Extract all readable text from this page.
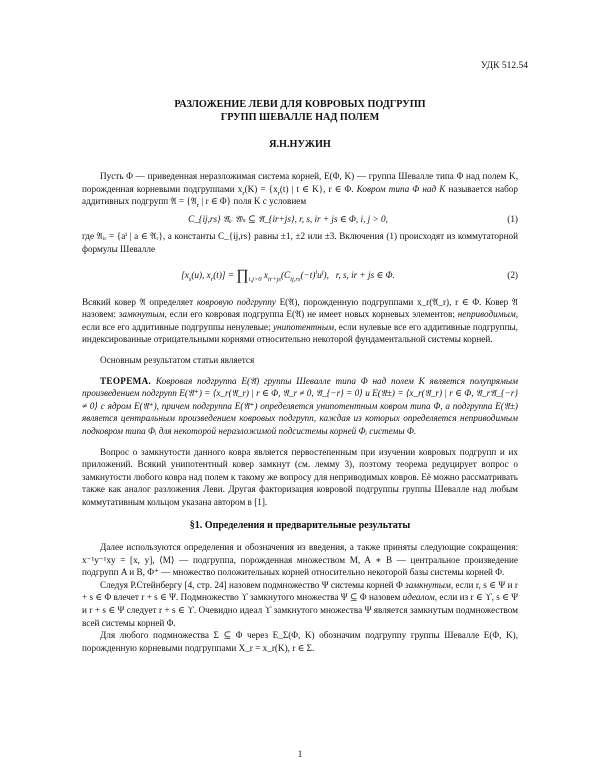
УДК 512.54
РАЗЛОЖЕНИЕ ЛЕВИ ДЛЯ КОВРОВЫХ ПОДГРУПП
ГРУПП ШЕВАЛЛЕ НАД ПОЛЕМ
Я.Н.НУЖИН

Пусть Φ — приведенная неразложимая система корней, E(Φ, K) — группа Шевалле типа Φ над полем K, порожденная корневыми подгруппами $x_r(K) = \{x_r(t)$ | t ∈ K}, r ∈ Φ. Ковром типа Φ над K называется набор аддитивных подгрупп 𝔄 = {𝔄$_r$ | r ∈ Φ} поля K с условием

C_{ij,rs} 𝔄ᵢᵣ 𝔄ʲₛ ⊆ 𝔄_{ir+js}, r, s, ir + js ∈ Φ, i, j > 0,	(1)

где 𝔄ᵢᵣ = {aⁱ | a ∈ 𝔄ᵣ}, а константы C_{ij,rs} равны ±1, ±2 или ±3. Включения (1) происходят из коммутаторной формулы Шевалле

[$x_s(u)$, $x_r(t)$] = $\prod_{i,j>0}$ $x_{ir+js}(C_{ij,rs}(-t)^iu^j)$,   r, s, ir + js ∈ Φ.	(2)

Всякий ковер 𝔄 определяет ковровую подгруппу E(𝔄), порожденную подгруппами x_r(𝔄_r), r ∈ Φ. Ковер 𝔄 назовем: замкнутым, если его ковровая подгруппа E(𝔄) не имеет новых корневых элементов; неприводимым, если все его аддитивные подгруппы ненулевые; унипотентным, если нулевые все его аддитивные подгруппы, индексированные отрицательными корнями относительно некоторой фундаментальной системы корней.

Основным результатом статьи является

ТЕОРЕМА. Ковровая подгруппа E(𝔄) группы Шевалле типа Φ над полем K является полупрямым произведением подгрупп E(𝔄⁺) = ⟨x_r(𝔄_r) | r ∈ Φ, 𝔄_r ≠ 0, 𝔄_{−r} = 0⟩ и E(𝔄±) = ⟨x_r(𝔄_r) | r ∈ Φ, 𝔄_r𝔄_{−r} ≠ 0⟩ с ядром E(𝔄⁺), причем подгруппа E(𝔄⁺) определяется унипотентным ковром типа Φ, а подгруппа E(𝔄±) является центральным произведением ковровых подгрупп, каждая из которых определяется неприводимым подковром типа Φᵢ для некоторой неразложимой подсистемы корней Φᵢ системы Φ.

Вопрос о замкнутости данного ковра является первостепенным при изучении ковровых подгрупп и их приложений. Всякий унипотентный ковер замкнут (см. лемму 3), поэтому теорема редуцирует вопрос о замкнутости любого ковра над полем к такому же вопросу для неприводимых ковров. Её можно рассматривать также как аналог разложения Леви. Другая факторизация ковровой подгруппы группы Шевалле над любым коммутативным кольцом указана автором в [1].

§1. Определения и предварительные результаты

Далее используются определения и обозначения из введения, а также приняты следующие сокращения: x⁻¹y⁻¹xy = [x, y], ⟨M⟩ — подгруппа, порожденная множеством M, A ∗ B — центральное произведение подгрупп A и B, Φ⁺ — множество положительных корней относительно некоторой базы системы корней Φ.

Следуя Р.Стейнбергу [4, стр. 24] назовем подмножество Ψ системы корней Φ замкнутым, если r, s ∈ Ψ и r + s ∈ Φ влечет r + s ∈ Ψ. Подмножество ϒ замкнутого множества Ψ ⊆ Φ назовем идеалом, если из r ∈ ϒ, s ∈ Ψ и r + s ∈ Ψ следует r + s ∈ ϒ. Очевидно идеал ϒ замкнутого множества Ψ является замкнутым подмножеством всей системы корней Φ.

Для любого подмножества Σ ⊆ Φ через E_Σ(Φ, K) обозначим подгруппу группы Шевалле E(Φ, K), порожденную корневыми подгруппами X_r = x_r(K), r ∈ Σ.

1
